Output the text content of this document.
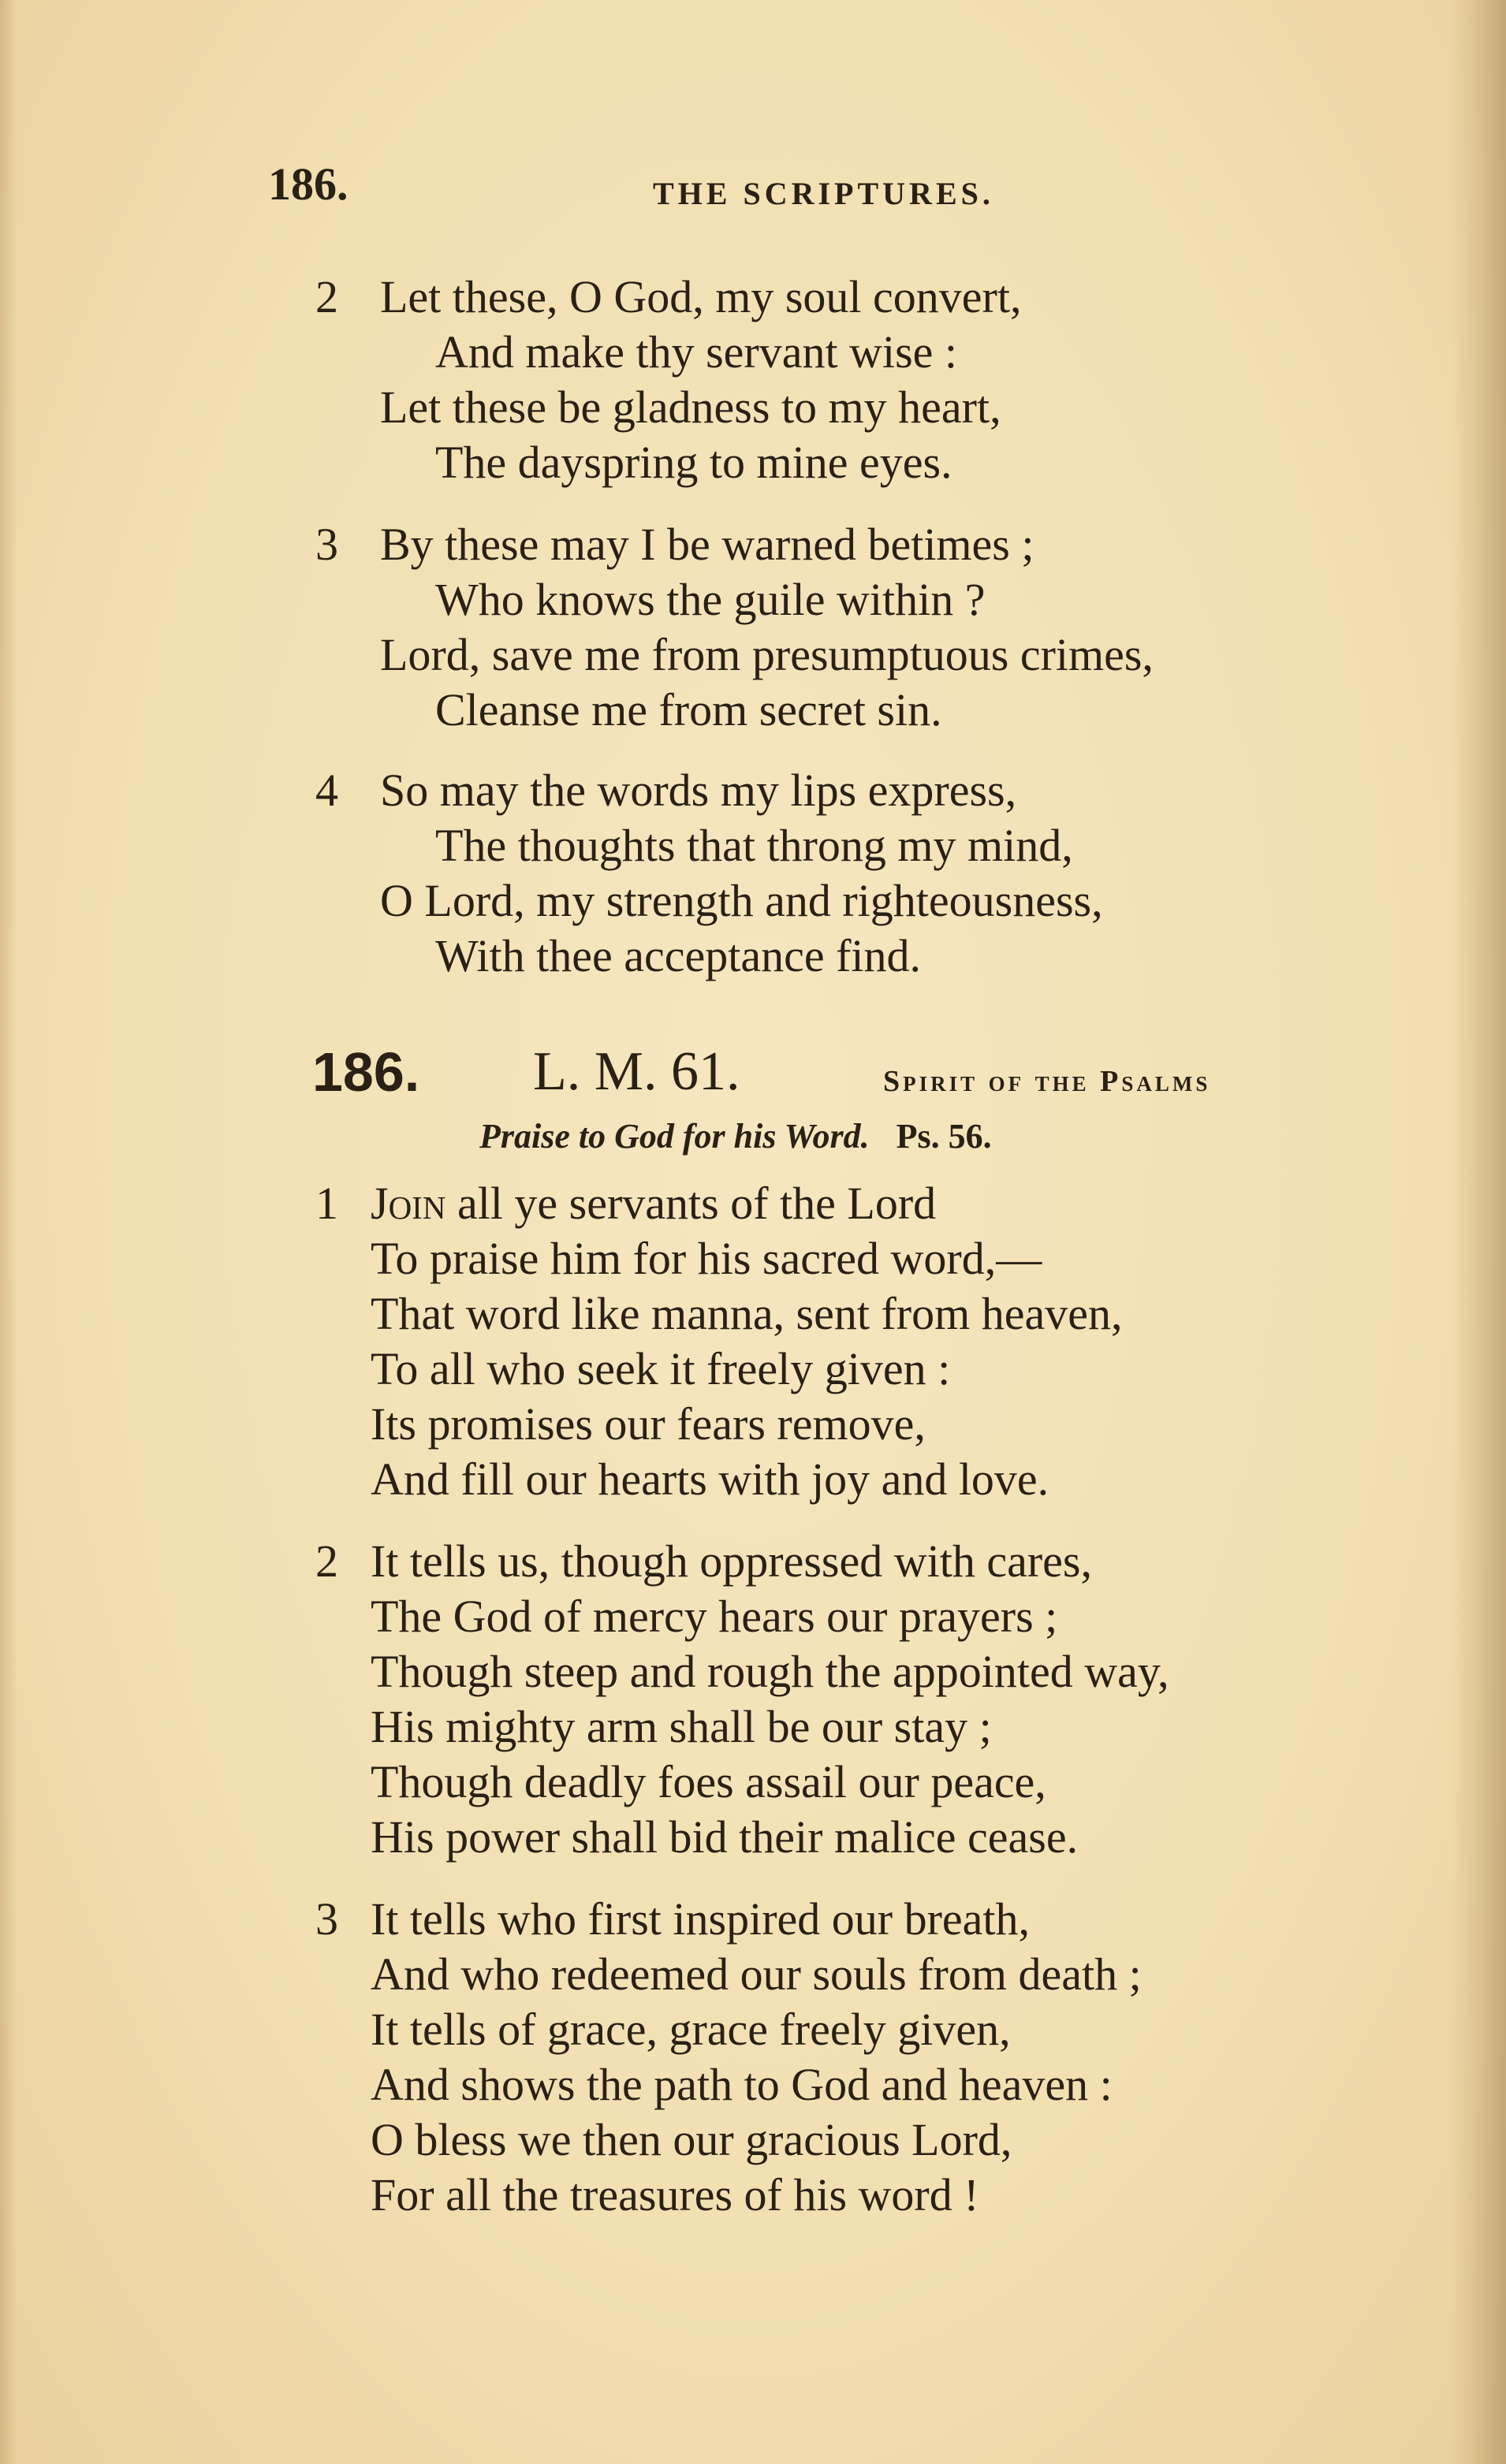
186.	THE SCRIPTURES.
2 Let these, O God, my soul convert,
And make thy servant wise :
Let these be gladness to my heart,
The dayspring to mine eyes.
3 By these may I be warned betimes ;
Who knows the guile within ?
Lord, save me from presumptuous crimes,
Cleanse me from secret sin.
4 So may the words my lips express,
The thoughts that throng my mind,
O Lord, my strength and righteousness,
With thee acceptance find.
186. L. M. 61.	Spirit of the Psalms
Praise to God for his Word. Ps. 56.
1 Join all ye servants of the Lord
To praise him for his sacred word,—
That word like manna, sent from heaven,
To all who seek it freely given :
Its promises our fears remove,
And fill our hearts with joy and love.
2 It tells us, though oppressed with cares,
The God of mercy hears our prayers ;
Though steep and rough the appointed way,
His mighty arm shall be our stay ;
Though deadly foes assail our peace,
His power shall bid their malice cease.
3 It tells who first inspired our breath,
And who redeemed our souls from death ;
It tells of grace, grace freely given,
And shows the path to God and heaven :
O bless we then our gracious Lord,
For all the treasures of his word !
